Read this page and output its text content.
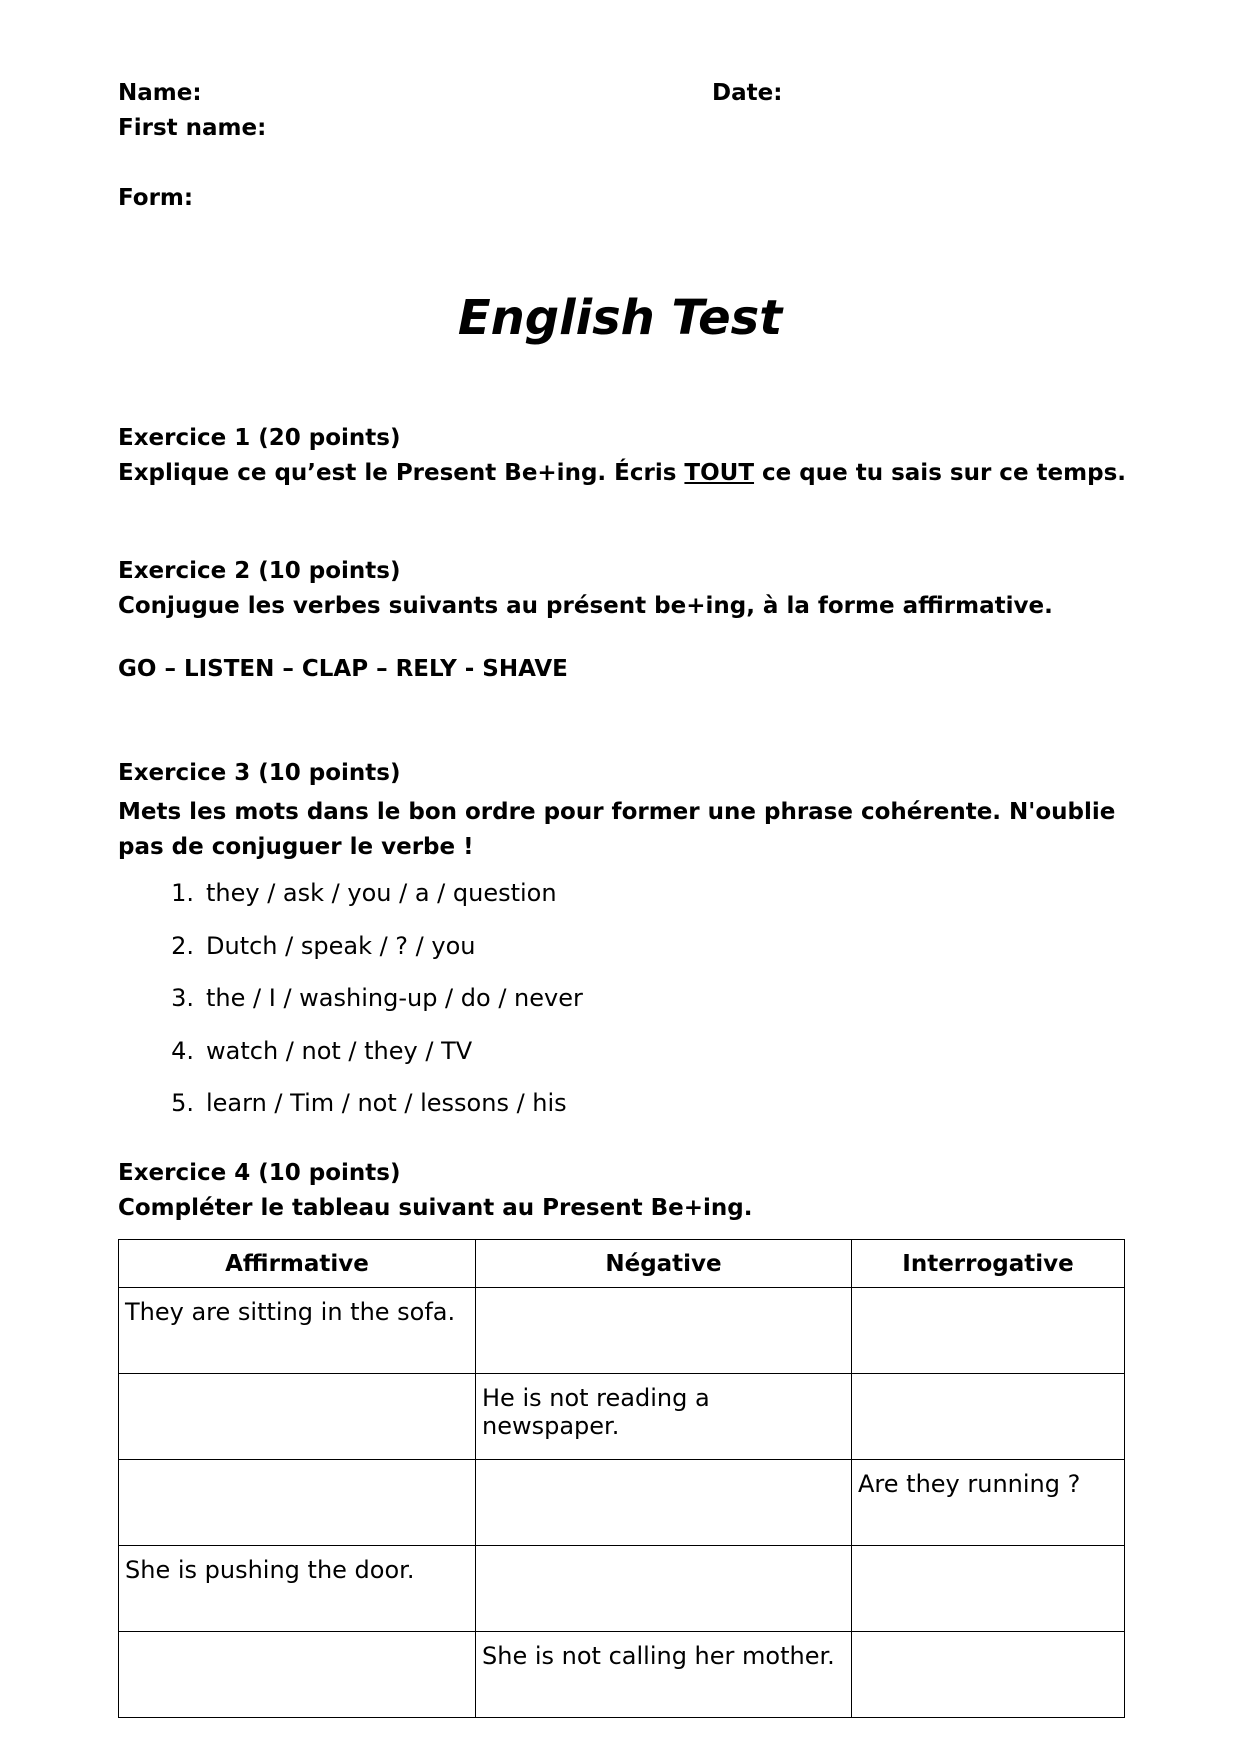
Name:	Date:
First name:
Form:
English Test
Exercice 1 (20 points)
Explique ce qu’est le Present Be+ing. Écris TOUT ce que tu sais sur ce temps.
Exercice 2 (10 points)
Conjugue les verbes suivants au présent be+ing, à la forme affirmative.
GO – LISTEN – CLAP – RELY - SHAVE
Exercice 3 (10 points)
Mets les mots dans le bon ordre pour former une phrase cohérente. N'oublie pas de conjuguer le verbe !
1. they / ask / you / a / question
2. Dutch / speak / ? / you
3. the / I / washing-up / do / never
4. watch / not / they / TV
5. learn / Tim / not / lessons / his
Exercice 4 (10 points)
Compléter le tableau suivant au Present Be+ing.
Affirmative	Négative	Interrogative
They are sitting in the sofa.		
	He is not reading a newspaper.	
		Are they running ?
She is pushing the door.		
	She is not calling her mother.	
